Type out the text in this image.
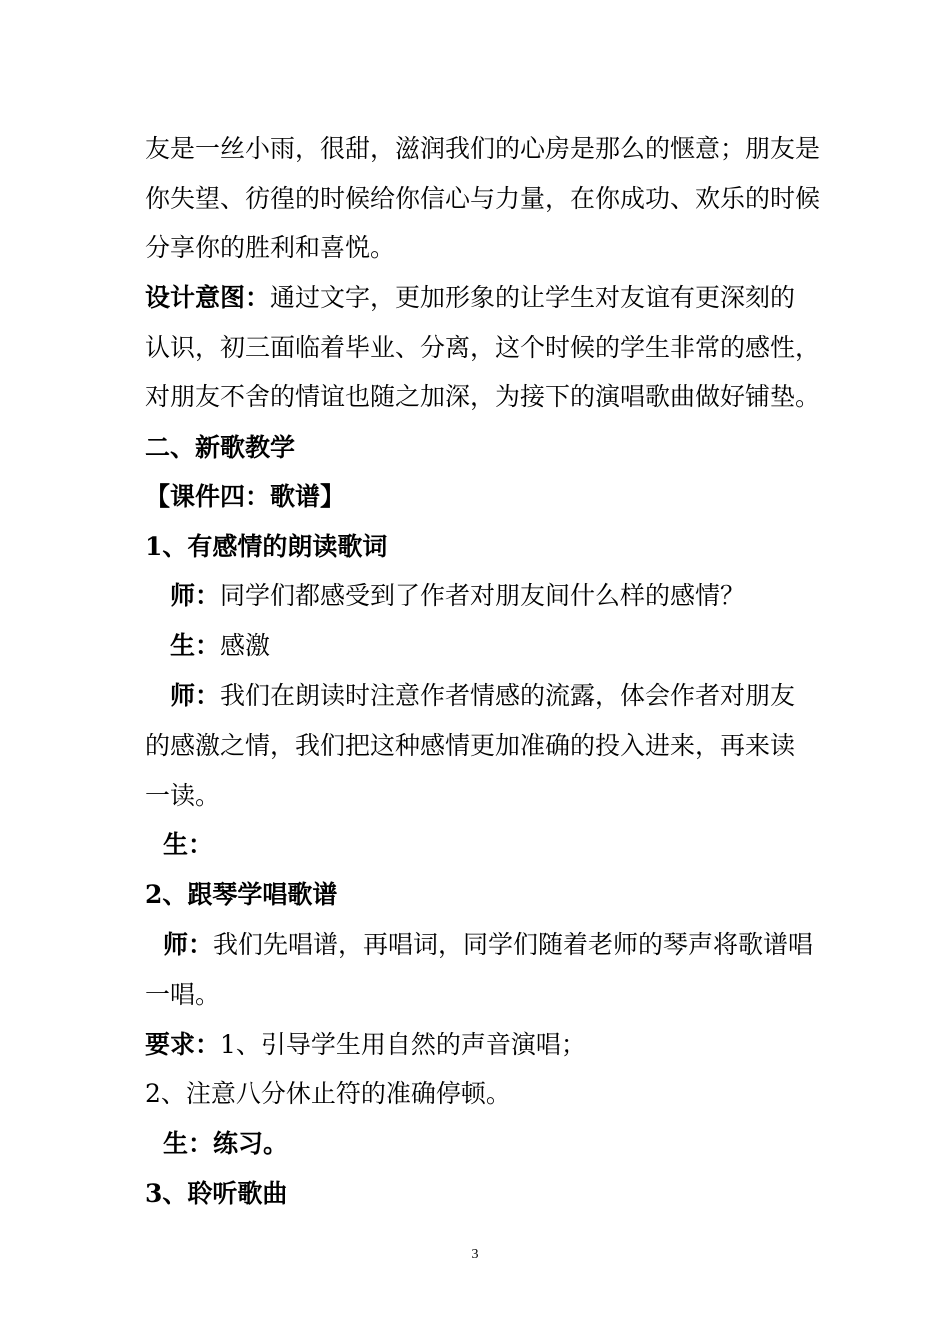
友是一丝小雨，很甜，滋润我们的心房是那么的惬意；朋友是
你失望、彷徨的时候给你信心与力量，在你成功、欢乐的时候
分享你的胜利和喜悦。
设计意图：通过文字，更加形象的让学生对友谊有更深刻的
认识，初三面临着毕业、分离，这个时候的学生非常的感性，
对朋友不舍的情谊也随之加深，为接下的演唱歌曲做好铺垫。
二、新歌教学
【课件四：歌谱】
1、有感情的朗读歌词
师：同学们都感受到了作者对朋友间什么样的感情？
生：感激
师：我们在朗读时注意作者情感的流露，体会作者对朋友
的感激之情，我们把这种感情更加准确的投入进来，再来读
一读。
生：
2、跟琴学唱歌谱
师：我们先唱谱，再唱词，同学们随着老师的琴声将歌谱唱
一唱。
要求：1、引导学生用自然的声音演唱；
2、注意八分休止符的准确停顿。
生：练习。
3、聆听歌曲
3
